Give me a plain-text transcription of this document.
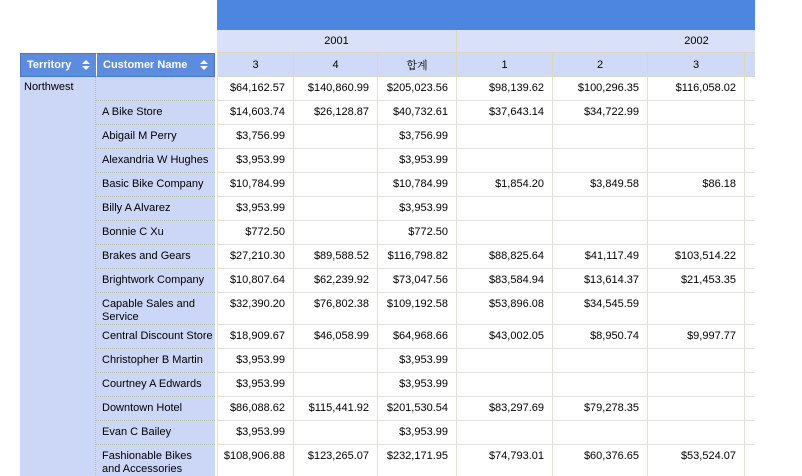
			2001			2002			

Territory	Customer Name		3	4	합계	1	2	3	
Northwest			$64,162.57	$140,860.99	$205,023.56	$98,139.62	$100,296.35	$116,058.02	
	A Bike Store		$14,603.74	$26,128.87	$40,732.61	$37,643.14	$34,722.99		
	Abigail M Perry		$3,756.99		$3,756.99				
	Alexandria W Hughes		$3,953.99		$3,953.99				
	Basic Bike Company		$10,784.99		$10,784.99	$1,854.20	$3,849.58	$86.18	
	Billy A Alvarez		$3,953.99		$3,953.99				
	Bonnie C Xu		$772.50		$772.50				
	Brakes and Gears		$27,210.30	$89,588.52	$116,798.82	$88,825.64	$41,117.49	$103,514.22	
	Brightwork Company		$10,807.64	$62,239.92	$73,047.56	$83,584.94	$13,614.37	$21,453.35	
	Capable Sales and Service		$32,390.20	$76,802.38	$109,192.58	$53,896.08	$34,545.59		
	Central Discount Store		$18,909.67	$46,058.99	$64,968.66	$43,002.05	$8,950.74	$9,997.77	
	Christopher B Martin		$3,953.99		$3,953.99				
	Courtney A Edwards		$3,953.99		$3,953.99				
	Downtown Hotel		$86,088.62	$115,441.92	$201,530.54	$83,297.69	$79,278.35		
	Evan C Bailey		$3,953.99		$3,953.99				
	Fashionable Bikes and Accessories		$108,906.88	$123,265.07	$232,171.95	$74,793.01	$60,376.65	$53,524.07	
